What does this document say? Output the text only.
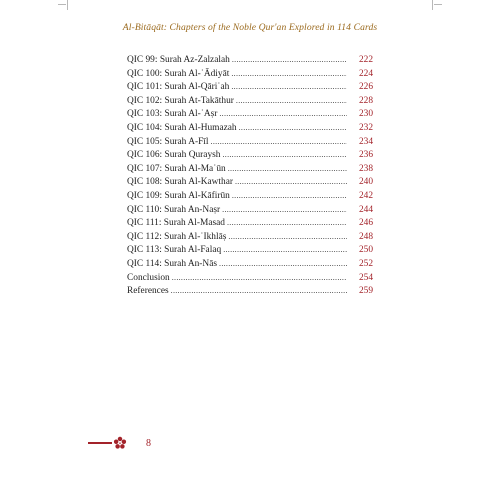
Al-Bitāqāt: Chapters of the Noble Qur'an Explored in 114 Cards
QIC 99: Surah Az-Zalzalah .....	222
QIC 100: Surah Al-ʿĀdiyāt .....	224
QIC 101: Surah Al-Qāriʿah .....	226
QIC 102: Surah At-Takāthur .....	228
QIC 103: Surah Al-ʿAṣr .....	230
QIC 104: Surah Al-Humazah .....	232
QIC 105: Surah A-Fīl .....	234
QIC 106: Surah Quraysh .....	236
QIC 107: Surah Al-Maʿūn .....	238
QIC 108: Surah Al-Kawthar .....	240
QIC 109: Surah Al-Kāfirūn .....	242
QIC 110: Surah An-Naṣr .....	244
QIC 111: Surah Al-Masad .....	246
QIC 112: Surah Al-ʿIkhlāṣ .....	248
QIC 113: Surah Al-Falaq .....	250
QIC 114: Surah An-Nās .....	252
Conclusion .....	254
References .....	259
8
